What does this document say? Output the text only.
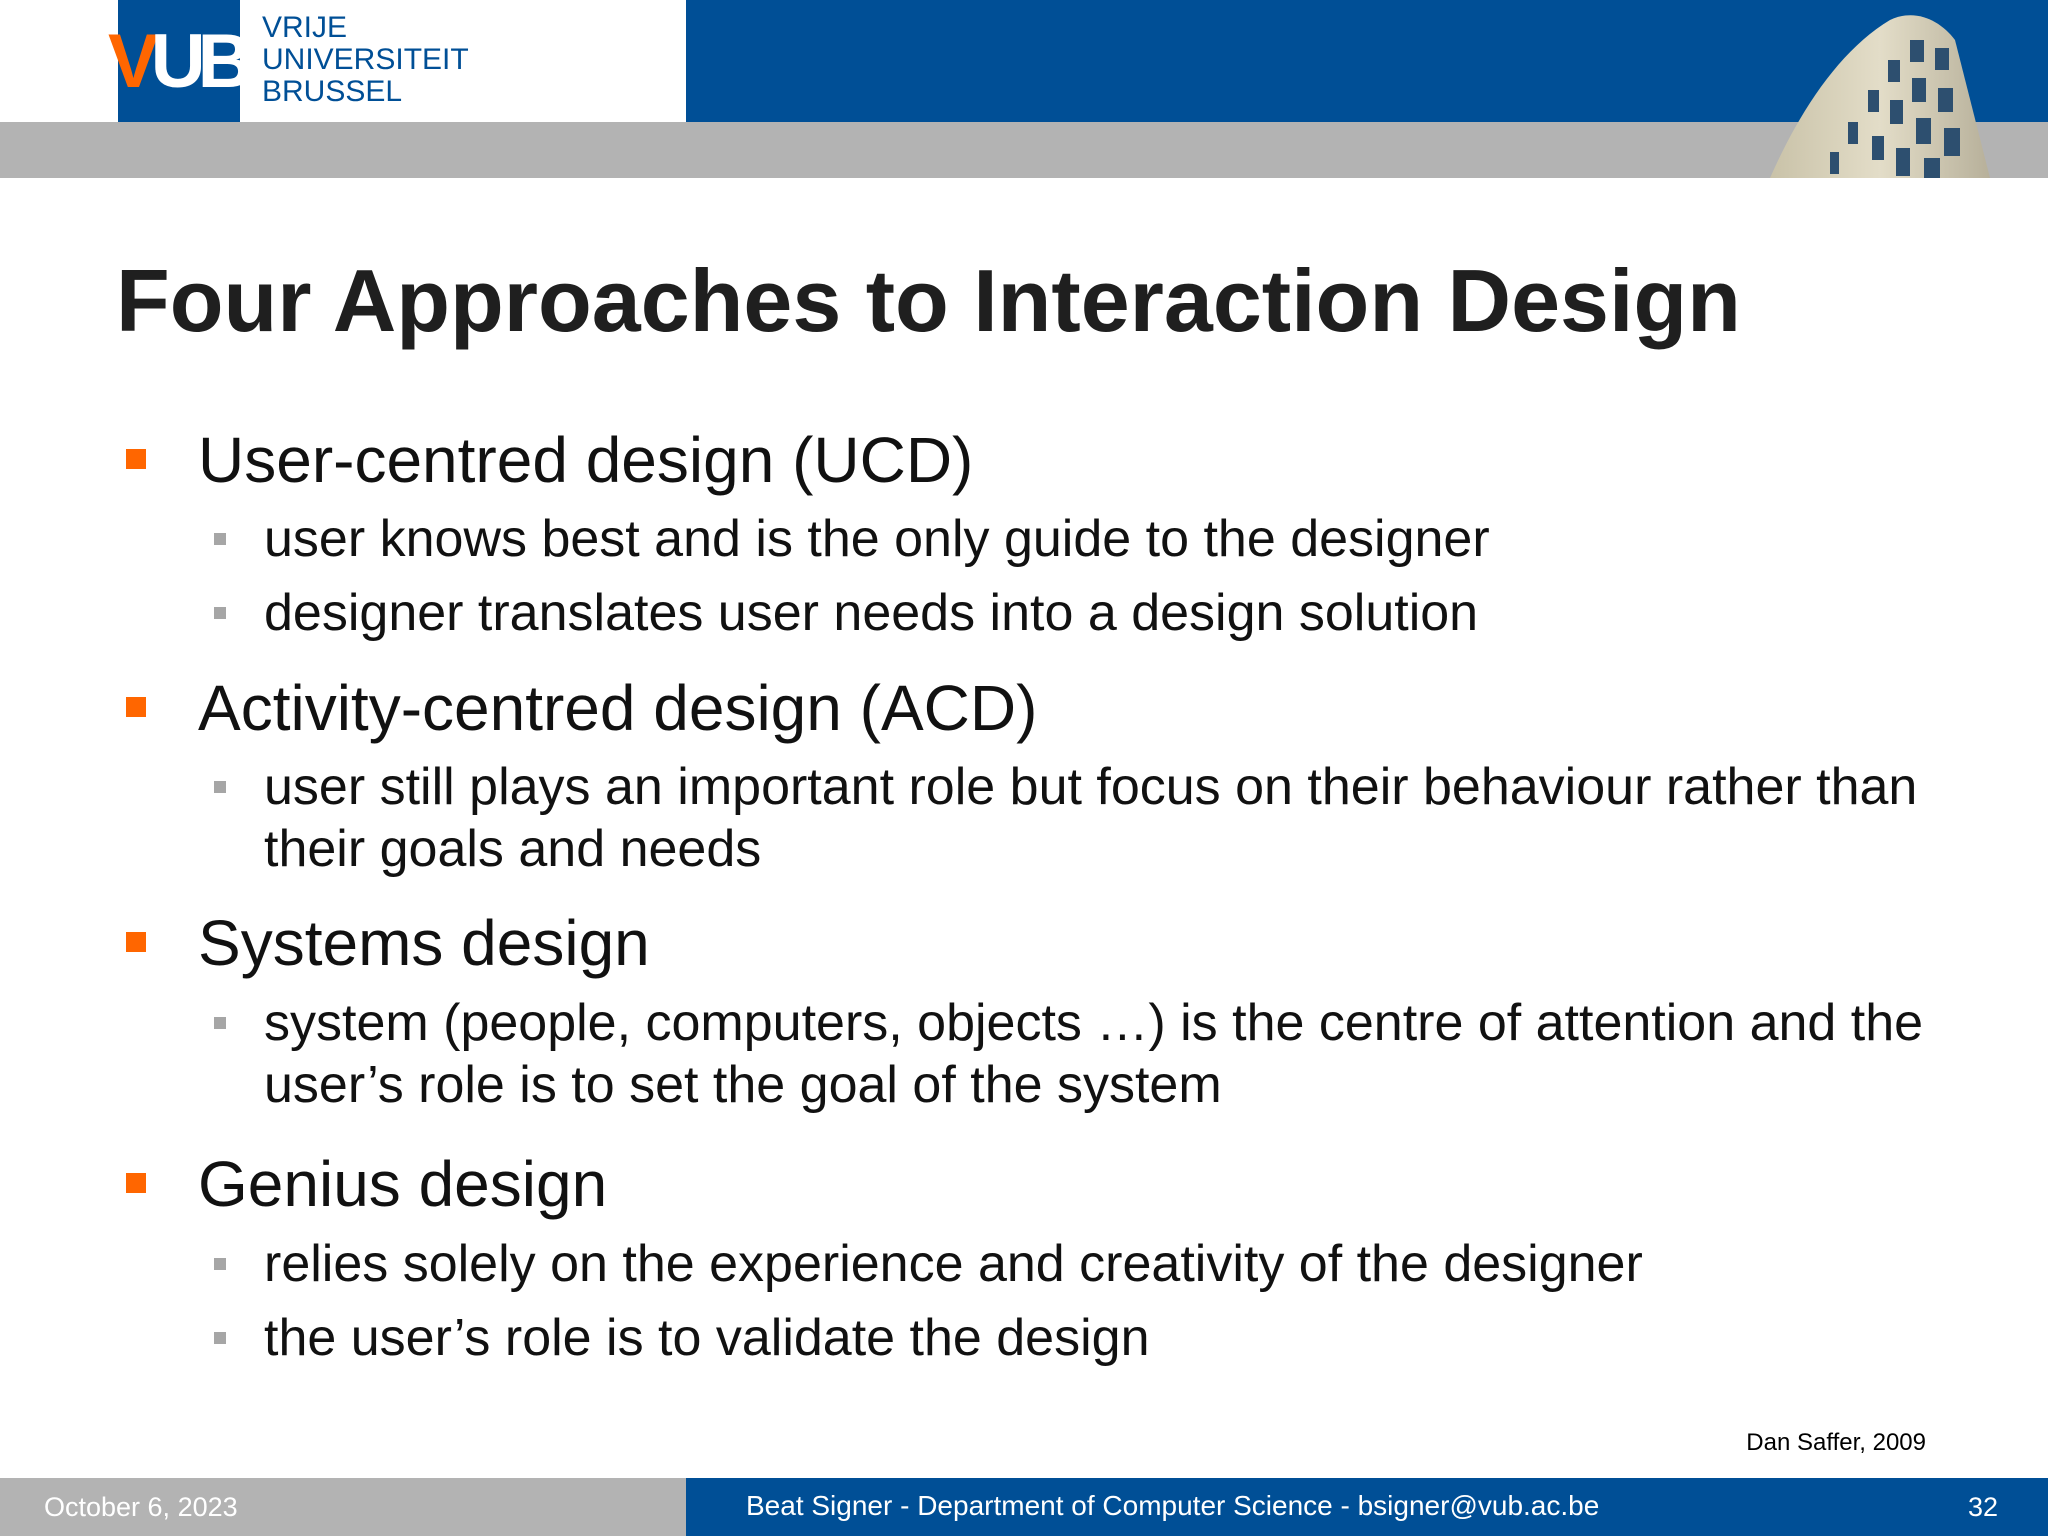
VUB VRIJE
UNIVERSITEIT
BRUSSEL
Four Approaches to Interaction Design
User-centred design (UCD)
user knows best and is the only guide to the designer
designer translates user needs into a design solution
Activity-centred design (ACD)
user still plays an important role but focus on their behaviour rather than their goals and needs
Systems design
system (people, computers, objects …) is the centre of attention and the user’s role is to set the goal of the system
Genius design
relies solely on the experience and creativity of the designer
the user’s role is to validate the design
Dan Saffer, 2009
October 6, 2023	Beat Signer - Department of Computer Science - bsigner@vub.ac.be	32
